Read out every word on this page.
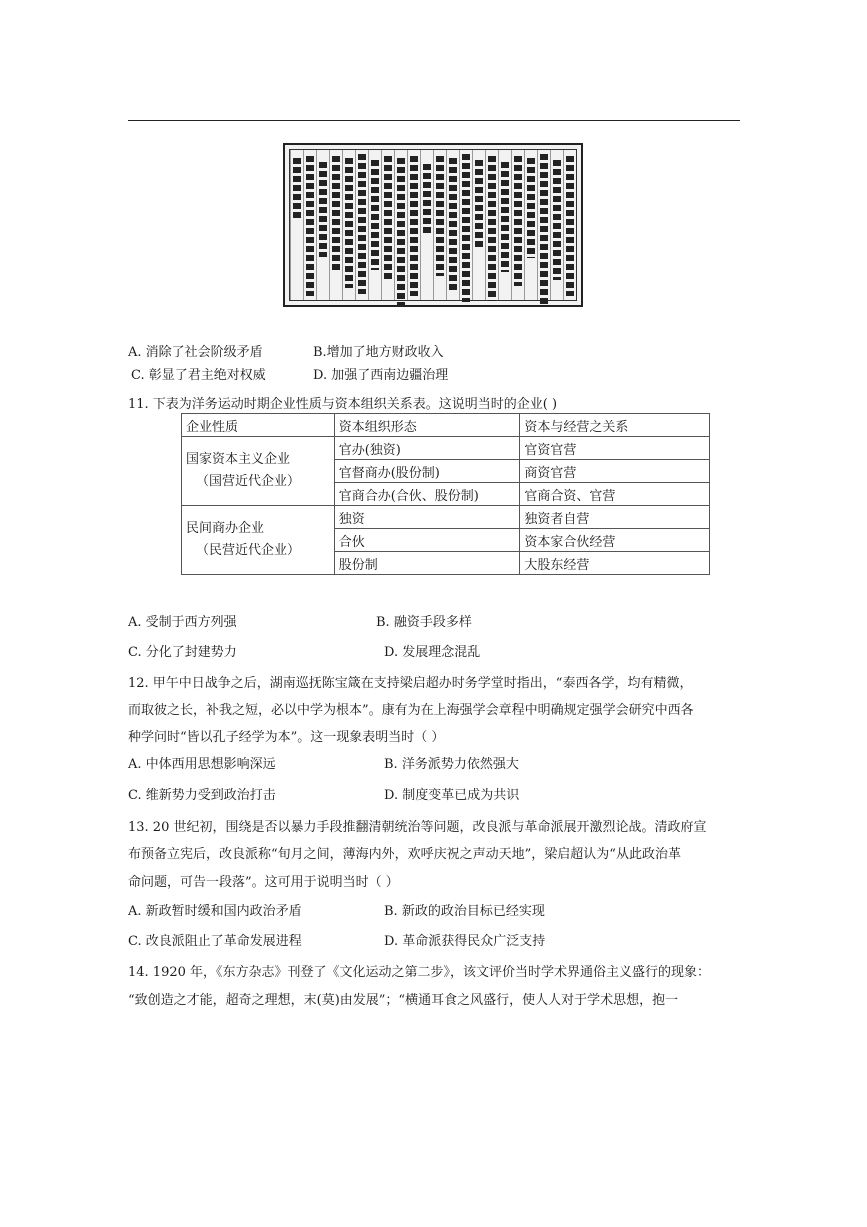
A. 消除了社会阶级矛盾	B.增加了地方财政收入
C. 彰显了君主绝对权威	D. 加强了西南边疆治理
11. 下表为洋务运动时期企业性质与资本组织关系表。这说明当时的企业( )
企业性质	资本组织形态	资本与经营之关系

国家资本主义企业
（国营近代企业）	官办(独资)	官资官营
	官督商办(股份制)	商资官营
	官商合办(合伙、股份制)	官商合资、官营

民间商办企业
（民营近代企业）	独资	独资者自营
	合伙	资本家合伙经营
	股份制	大股东经营
A. 受制于西方列强	B. 融资手段多样
C. 分化了封建势力	D. 发展理念混乱
12. 甲午中日战争之后，湖南巡抚陈宝箴在支持梁启超办时务学堂时指出，“泰西各学，均有精微，
而取彼之长，补我之短，必以中学为根本”。康有为在上海强学会章程中明确规定强学会研究中西各
种学问时“皆以孔子经学为本”。这一现象表明当时（ ）
A. 中体西用思想影响深远	B. 洋务派势力依然强大
C. 维新势力受到政治打击	D. 制度变革已成为共识
13. 20 世纪初，围绕是否以暴力手段推翻清朝统治等问题，改良派与革命派展开激烈论战。清政府宣
布预备立宪后，改良派称“旬月之间，薄海内外，欢呼庆祝之声动天地”，梁启超认为“从此政治革
命问题，可告一段落”。这可用于说明当时（ ）
A. 新政暂时缓和国内政治矛盾	B. 新政的政治目标已经实现
C. 改良派阻止了革命发展进程	D. 革命派获得民众广泛支持
14. 1920 年，《东方杂志》刊登了《文化运动之第二步》，该文评价当时学术界通俗主义盛行的现象：
“致创造之才能，超奇之理想，末(莫)由发展”；“横通耳食之风盛行，使人人对于学术思想，抱一
